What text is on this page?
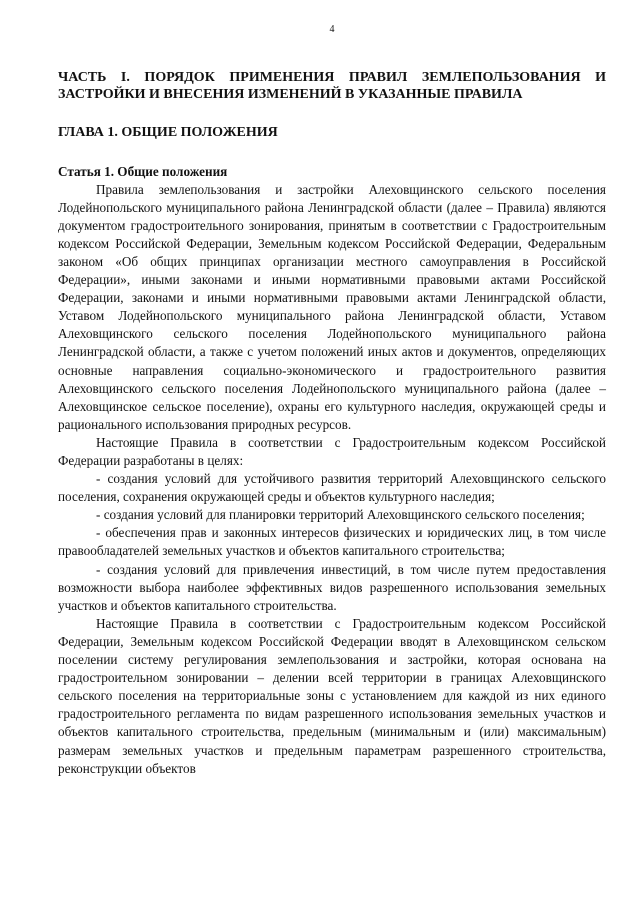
4
ЧАСТЬ I. ПОРЯДОК ПРИМЕНЕНИЯ ПРАВИЛ ЗЕМЛЕПОЛЬЗОВАНИЯ И ЗАСТРОЙКИ И ВНЕСЕНИЯ ИЗМЕНЕНИЙ В УКАЗАННЫЕ ПРАВИЛА
ГЛАВА 1. ОБЩИЕ ПОЛОЖЕНИЯ
Статья 1. Общие положения

Правила землепользования и застройки Алеховщинского сельского поселения Лодейнопольского муниципального района Ленинградской области (далее – Правила) являются документом градостроительного зонирования, принятым в соответствии с Градостроительным кодексом Российской Федерации, Земельным кодексом Российской Федерации, Федеральным законом «Об общих принципах организации местного самоуправления в Российской Федерации», иными законами и иными нормативными правовыми актами Российской Федерации, законами и иными нормативными правовыми актами Ленинградской области, Уставом Лодейнопольского муниципального района Ленинградской области, Уставом Алеховщинского сельского поселения Лодейнопольского муниципального района Ленинградской области, а также с учетом положений иных актов и документов, определяющих основные направления социально-экономического и градостроительного развития Алеховщинского сельского поселения Лодейнопольского муниципального района (далее – Алеховщинское сельское поселение), охраны его культурного наследия, окружающей среды и рационального использования природных ресурсов.

Настоящие Правила в соответствии с Градостроительным кодексом Российской Федерации разработаны в целях:

- создания условий для устойчивого развития территорий Алеховщинского сельского поселения, сохранения окружающей среды и объектов культурного наследия;

- создания условий для планировки территорий Алеховщинского сельского поселения;

- обеспечения прав и законных интересов физических и юридических лиц, в том числе правообладателей земельных участков и объектов капитального строительства;

- создания условий для привлечения инвестиций, в том числе путем предоставления возможности выбора наиболее эффективных видов разрешенного использования земельных участков и объектов капитального строительства.

Настоящие Правила в соответствии с Градостроительным кодексом Российской Федерации, Земельным кодексом Российской Федерации вводят в Алеховщинском сельском поселении систему регулирования землепользования и застройки, которая основана на градостроительном зонировании – делении всей территории в границах Алеховщинского сельского поселения на территориальные зоны с установлением для каждой из них единого градостроительного регламента по видам разрешенного использования земельных участков и объектов капитального строительства, предельным (минимальным и (или) максимальным) размерам земельных участков и предельным параметрам разрешенного строительства, реконструкции объектов
